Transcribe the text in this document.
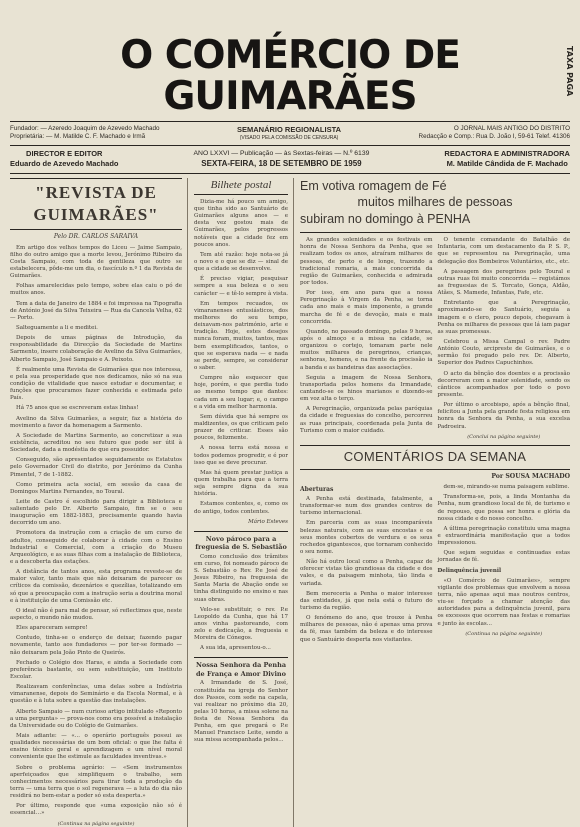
O COMÉRCIO DE GUIMARÃES
TAXA PAGA
Fundador: — Azeredo Joaquim de Azevedo Machado
Proprietária: — M. Matilde C. F. Machado e Irmã
SEMANÁRIO REGIONALISTA
(VISADO PELA COMISSÃO DE CENSURA)
O JORNAL MAIS ANTIGO DO DISTRITO
Redacção e Comp.: Rua D. João I, 59-61 Telef. 41306
DIRECTOR E EDITOR
Eduardo de Azevedo Machado
ANO LXXVI — Publicação — às Sextas-feiras — N.º 6139
SEXTA-FEIRA, 18 DE SETEMBRO DE 1959
REDACTORA E ADMINISTRADORA
M. Matilde Cândida de F. Machado
"REVISTA DE GUIMARÃES"
Pelo DR. CARLOS SARAIVA

Em artigo dos velhos tempos do Liceu — Jaime Sampaio, filho do outro amigo que a morte levou, Jerónimo Ribeiro da Costa Sampaio, com toda de gentileza que outro se estabelecera, pôde-me um dia, o fascículo n.º 1 da Revista de Guimarães.

Folhas amarelecidas pelo tempo, sobre elas caiu o pó de muitos anos.

Tem a data de Janeiro de 1884 e foi impressa na Tipografia de António José da Silva Teixeira — Rua da Cancela Velha, 62 — Porto.

Salteguamente a li e meditei.

Depois de umas páginas de Introdução, da responsabilidade da Direcção da Sociedade de Martins Sarmento, insere colaboração de Avelino da Silva Guimarães, Alberto Sampaio, José Sampaio e A. Peixoto.

É realmente uma Revista de Guimarães que nos interessa, e pela sua prosperidade que nos dedicamos, não só na sua condição de vitalidade que nasce estudar e documentar, e funções que procuramos fazer conhecida e estimada pelo País.

Há 75 anos que se escreveram estas linhas!

Avelino da Silva Guimarães, a seguir, faz a história do movimento a favor da homenagem a Sarmento.

A Sociedade de Martins Sarmento, ao concretizar a sua existência, acreditou no seu futuro que pode ser útil à Sociedade, dada a modéstia de que era possuidor.

Conseguido, são apresentados seguidamente os Estatutos pelo Governador Civil do distrito, por Jerónimo da Cunha Pimentel, 7 de 1-1882.

Como primeira acta social, em sessão da casa de Domingos Martins Fernandes, no Toural.

Leite de Castro é escolhido para dirigir a Biblioteca e salientado pelo Dr. Alberto Sampaio, fim se o seu inauguração em 1882-1883, precisamente quando havia decorrido um ano.

Promotora da instrução com a criação de um curso de adultos, conseguido de colaborar à cidade com o Ensino Industrial e Comercial, com a criação do Museu Arqueológico, e as suas filhas com a instalação de Biblioteca, e a descoberta das estações.

A distância de tantos anos, esta programa reveste-se de maior valor, tanto mais que não deixaram de parecer os críticos da comissão, dezenários e quezílias, totalizando em só que a preocupação com a instrução seria a doutrina moral e à instituição de uma Comissão etc.

O ideal não é para mal de pensar, só reflectimos que, neste aspecto, o mundo não mudou.

Eles apareceram sempre!

Contudo, tinha-se o enderço de deixar, fazendo pagar novamente, tanto aos fundadores — por ter-se formado — não deixaram pela João Pinto de Queirós.

Fechado o Colégio dos Haras, e ainda a Sociedade com preferência bastante, ou sem substituição, um Instituto Escolar.

Realizavam conferências, uma delas sobre a Indústria vimaranense, depois do Seminário e da Escola Normal, e à questão e à luta sobre a questão das instalações.

Alberto Sampaio — num curioso artigo intitulado «Reponto a uma pergunta» — prova-nos como era possível a instalação da Universidade ou do Colégio de Guimarães.

Mais adiante: — «... o operário português possui as qualidades necessárias de um bom oficial: o que lhe falta é ensino técnico geral e aprendizagem e um nível moral conveniente que lhe estimule as faculdades inventivas.»

Sobre o problema agrário: — «Sem instrumentos aperfeiçoados que simplifiquem o trabalho, sem conhecimentos necessários para tirar toda a produção da terra — uma terra que o sol regenerava — a luta do dia não residirá no bem-estar a poder só esta desperta.»

Por último, responde que «uma exposição não só é essencial…»

(Continua na página seguinte)
Bilhete postal

Dizia-me há pouco um amigo, que tinha sido ao Santuário de Guimarães alguns anos — e desta vez gostou mais de Guimarães, pelos progressos notáveis que a cidade fez em poucos anos.

Tem até razão: hoje nota-se já o novo e o que se diz — sinal de que a cidade se desenvolve.

É preciso vigiar, pesquisar sempre a sua beleza e o seu carácter — e tê-lo sempre à vista.

Em tempos recuados, os vimaranenses entusiásticos, dos melhores do seu tempo, deixavam-nos património, arte e tradição. Hoje, estes desejos nunca foram, muitos, tantos, mas bem exemplificados, tantos, o que se esperava nada — e nada se perde, sempre, se considerar o saber.

Cumpre não esquecer que hoje, porém, e que perdia tudo ao mesmo tempo que dantes: cada um a seu lugar; e, o campo e a vida em melhor harmonia.

Sem dúvida que há sempre os maldizentes, os que criticam pelo prazer de criticar. Esses são poucos, felizmente.

A nossa terra está nossa e todos podemos progredir, e é por isso que se deve procurar.

Mas há quem prestar justiça a quem trabalha para que a terra seja sempre digna da sua história.

Estamos contentes, e, como os do antigo, todos contentes.

Mário Esteves
Novo pároco para a freguesia de S. Sebastião

Como conclusão dos trâmites em curso, foi nomeado pároco de S. Sebastião o Rev. P.e José de Jesus Ribeiro, na freguesia de Santa Maria de Abação onde se tinha distinguido no ensino e nas suas obras.

Velo-se substituir, o rev. P.e Leopoldo da Cunha, que há 17 anos vinha pastoreando, com zelo e dedicação, a freguesia e Moreira de Cónegos.

A sua ida, apresentou-o...

Nossa Senhora da Penha de França e Amor Divino

A Irmandade de S. José, constituída na igreja do Senhor dos Passos, com sede na capela, vai realizar no próximo dia 20, pelas 10 horas, a missa solene na festa de Nossa Senhora da Penha, em que pregará o P.e Manuel Francisco Leite, sendo a sua missa acompanhada pelos...

Em votiva romagem de Fé
muitos milhares de pessoas
subiram no domingo à PENHA

As grandes solenidades e os festivais em honra de Nossa Senhora da Penha, que se realizam todos os anos, atraíram milhares de pessoas, de perto e de longe, trazendo a tradicional romaria, a mais concorrida da região de Guimarães, conhecida e admirada por todos.

Por isso, em ano para que a nossa Peregrinação à Virgem da Penha, se torna cada ano mais e mais imponente, a grande marcha de fé e de devoção, mais e mais concorrida.

Quando, no passado domingo, pelas 9 horas, após o almoço e a missa na cidade, se organizou o cortejo, tomaram parte nele muitos milhares de peregrinos, crianças, senhoras, homens, e na frente da procissão ia a banda e as bandeiras das associações.

Seguia a imagem de Nossa Senhora, transportada pelos homens da Irmandade, cantando-se os hinos marianos e dizendo-se em voz alta o terço.

A Peregrinação, organizada pelas paróquias da cidade e freguesias do concelho, percorreu as ruas principais, coordenada pela Junta de Turismo com o maior cuidado.

O tenente comandante do Batalhão de Infantaria, com um destacamento da P. S. P., que se representou na Peregrinação, uma delegação dos Bombeiros Voluntários, etc., etc.

A passagem dos peregrinos pelo Toural e outras ruas foi muito concorrida — registámos as freguesias de S. Torcato, Gonça, Aldão, Atães, S. Mamede, Infantas, Fafe, etc.

Entretanto que a Peregrinação, aproximando-se do Santuário, seguia a imagem e o clero, pouco depois, chegavam à Penha os milhares de pessoas que lá iam pagar as suas promessas.

Celebrou a Missa Campal o rev. Padre António Couto, arcipreste de Guimarães, e o sermão foi pregado pelo rev. Dr. Alberto, Superior dos Padres Capuchinhos.

O acto da bênção dos doentes e a procissão decorreram com a maior solenidade, sendo os cânticos acompanhados por todo o povo presente.

Por último o arcebispo, após a bênção final, felicitou a Junta pela grande festa religiosa em honra da Senhora da Penha, a sua excelsa Padroeira.

(Conclui na página seguinte)
COMENTÁRIOS DA SEMANA
Por SOUSA MACHADO
Aberturas

A Penha está destinada, fatalmente, a transformar-se num dos grandes centros de turismo internacional.

Em parceria com as suas incomparáveis belezas naturais, com as suas encostas e os seus montes cobertos de verdura e os seus rochedos gigantescos, que tornaram conhecido o seu nome.

Não há outro local como a Penha, capaz de oferecer vistas tão grandiosas da cidade e dos vales, e da paisagem minhota, tão linda e variada.

Bem mereceria a Penha o maior interesse das entidades, já que nela está o futuro do turismo da região.

O fenómeno do ano, que trouxe à Penha milhares de pessoas, não é apenas uma prova da fé, mas também da beleza e do interesse que o Santuário desperta nos visitantes.

dem-se, mirando-se numa paisagem sublime.

Transforma-se, pois, a linda Montanha da Penha, num grandioso local de fé, de turismo e de repouso, que possa ser honra e glória da nossa cidade e do nosso concelho.

A última peregrinação constituiu uma magna e extraordinária manifestação que a todos impressionou.

Que sejam seguidas e continuadas estas jornadas de fé.

Delinquência juvenil

«O Comércio de Guimarães», sempre vigilante dos problemas que envolvem a nossa terra, não apenas aqui mas noutros centros, viu-se forçado a chamar atenção das autoridades para a delinquência juvenil, para os excessos que ocorrem nas festas e romarias e junto às escolas...

(Continua na página seguinte)
